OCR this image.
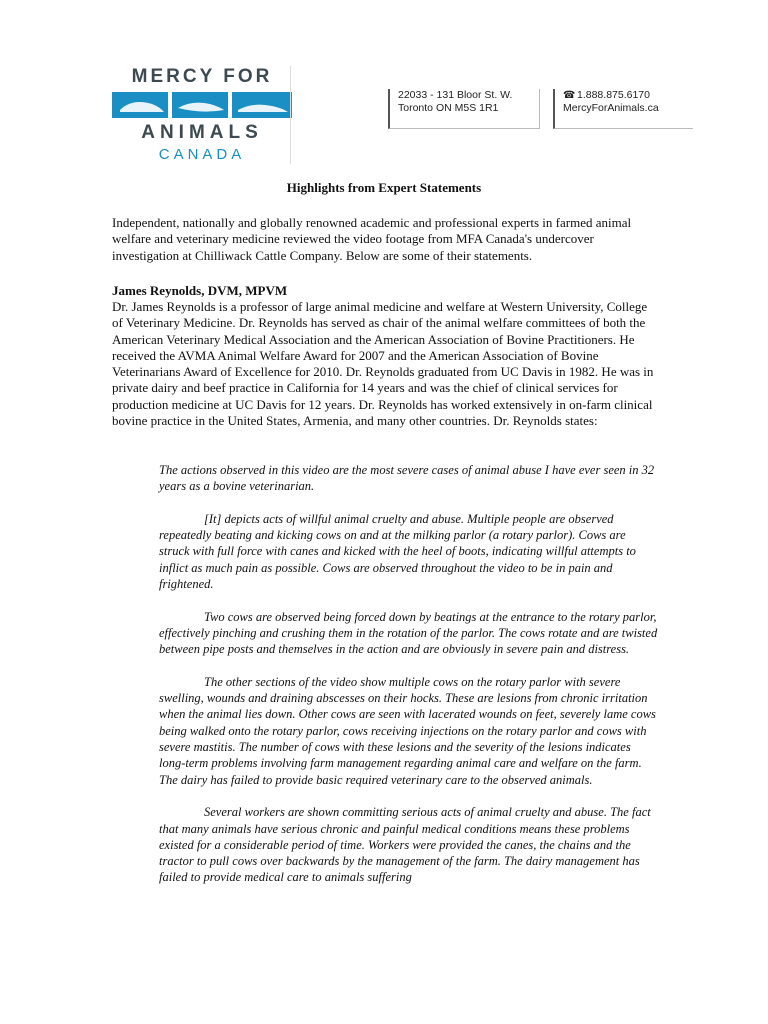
MERCY FOR
ANIMALS
CANADA
22033 - 131 Bloor St. W.
Toronto ON M5S 1R1
☎ 1.888.875.6170
MercyForAnimals.ca
Highlights from Expert Statements
Independent, nationally and globally renowned academic and professional experts in farmed animal welfare and veterinary medicine reviewed the video footage from MFA Canada's undercover investigation at Chilliwack Cattle Company. Below are some of their statements.
James Reynolds, DVM, MPVM
Dr. James Reynolds is a professor of large animal medicine and welfare at Western University, College of Veterinary Medicine. Dr. Reynolds has served as chair of the animal welfare committees of both the American Veterinary Medical Association and the American Association of Bovine Practitioners. He received the AVMA Animal Welfare Award for 2007 and the American Association of Bovine Veterinarians Award of Excellence for 2010. Dr. Reynolds graduated from UC Davis in 1982. He was in private dairy and beef practice in California for 14 years and was the chief of clinical services for production medicine at UC Davis for 12 years. Dr. Reynolds has worked extensively in on-farm clinical bovine practice in the United States, Armenia, and many other countries. Dr. Reynolds states:

The actions observed in this video are the most severe cases of animal abuse I have ever seen in 32 years as a bovine veterinarian.

[It] depicts acts of willful animal cruelty and abuse. Multiple people are observed repeatedly beating and kicking cows on and at the milking parlor (a rotary parlor). Cows are struck with full force with canes and kicked with the heel of boots, indicating willful attempts to inflict as much pain as possible. Cows are observed throughout the video to be in pain and frightened.

Two cows are observed being forced down by beatings at the entrance to the rotary parlor, effectively pinching and crushing them in the rotation of the parlor. The cows rotate and are twisted between pipe posts and themselves in the action and are obviously in severe pain and distress.

The other sections of the video show multiple cows on the rotary parlor with severe swelling, wounds and draining abscesses on their hocks. These are lesions from chronic irritation when the animal lies down. Other cows are seen with lacerated wounds on feet, severely lame cows being walked onto the rotary parlor, cows receiving injections on the rotary parlor and cows with severe mastitis. The number of cows with these lesions and the severity of the lesions indicates long-term problems involving farm management regarding animal care and welfare on the farm. The dairy has failed to provide basic required veterinary care to the observed animals.

Several workers are shown committing serious acts of animal cruelty and abuse. The fact that many animals have serious chronic and painful medical conditions means these problems existed for a considerable period of time. Workers were provided the canes, the chains and the tractor to pull cows over backwards by the management of the farm. The dairy management has failed to provide medical care to animals suffering
